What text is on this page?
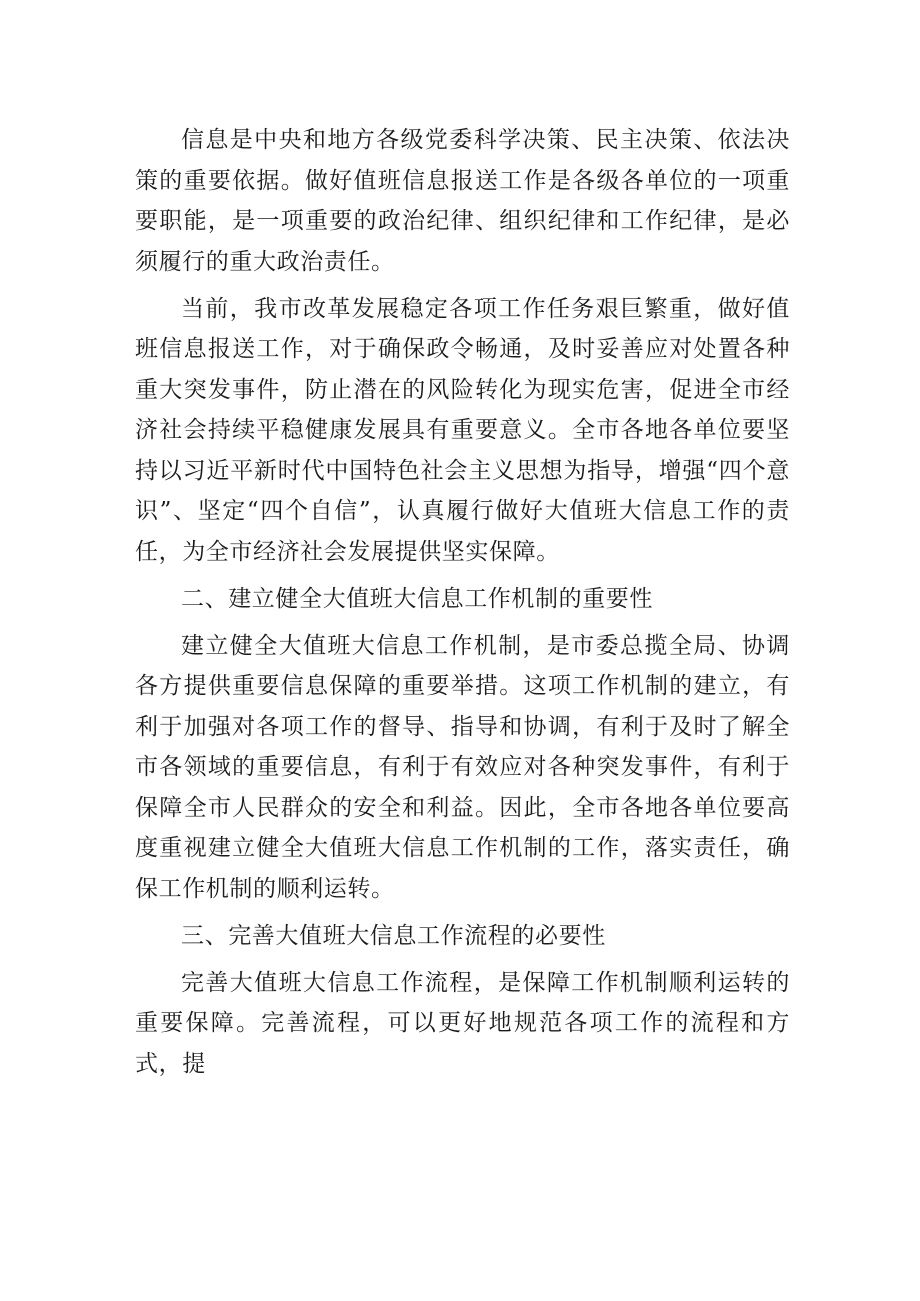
信息是中央和地方各级党委科学决策、民主决策、依法决策的重要依据。做好值班信息报送工作是各级各单位的一项重要职能，是一项重要的政治纪律、组织纪律和工作纪律，是必须履行的重大政治责任。

当前，我市改革发展稳定各项工作任务艰巨繁重，做好值班信息报送工作，对于确保政令畅通，及时妥善应对处置各种重大突发事件，防止潜在的风险转化为现实危害，促进全市经济社会持续平稳健康发展具有重要意义。全市各地各单位要坚持以习近平新时代中国特色社会主义思想为指导，增强“四个意识”、坚定“四个自信”，认真履行做好大值班大信息工作的责任，为全市经济社会发展提供坚实保障。

二、建立健全大值班大信息工作机制的重要性

建立健全大值班大信息工作机制，是市委总揽全局、协调各方提供重要信息保障的重要举措。这项工作机制的建立，有利于加强对各项工作的督导、指导和协调，有利于及时了解全市各领域的重要信息，有利于有效应对各种突发事件，有利于保障全市人民群众的安全和利益。因此，全市各地各单位要高度重视建立健全大值班大信息工作机制的工作，落实责任，确保工作机制的顺利运转。

三、完善大值班大信息工作流程的必要性

完善大值班大信息工作流程，是保障工作机制顺利运转的重要保障。完善流程，可以更好地规范各项工作的流程和方式，提
